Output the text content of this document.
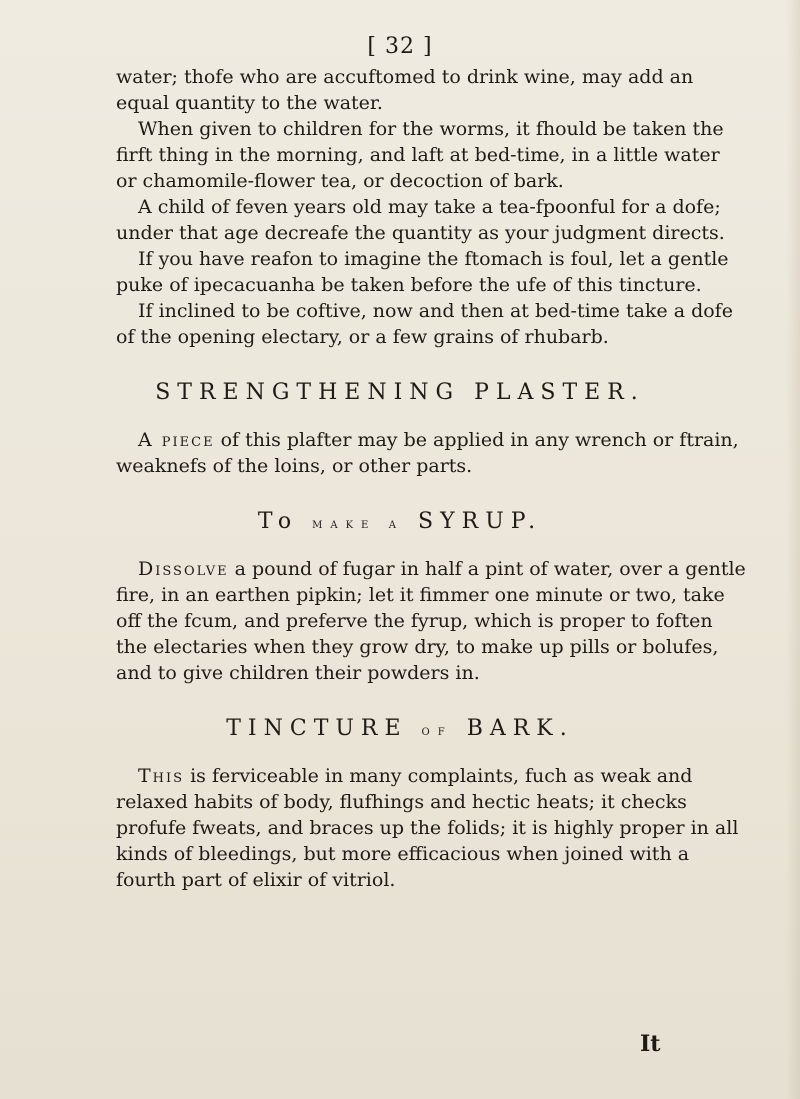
[ 32 ]

water; thofe who are accuftomed to drink wine, may add an

equal quantity to the water.

When given to children for the worms, it fhould be taken the

firft thing in the morning, and laft at bed-time, in a little water

or chamomile-flower tea, or decoction of bark.

A child of feven years old may take a tea-fpoonful for a dofe;

under that age decreafe the quantity as your judgment directs.

If you have reafon to imagine the ftomach is foul, let a gentle

puke of ipecacuanha be taken before the ufe of this tincture.

If inclined to be coftive, now and then at bed-time take a dofe

of the opening electary, or a few grains of rhubarb.

STRENGTHENING PLASTER.

A piece of this plafter may be applied in any wrench or ftrain,

weaknefs of the loins, or other parts.

To make a SYRUP.

Dissolve a pound of fugar in half a pint of water, over a gentle

fire, in an earthen pipkin; let it fimmer one minute or two, take

off the fcum, and preferve the fyrup, which is proper to foften

the electaries when they grow dry, to make up pills or bolufes,

and to give children their powders in.

TINCTURE of BARK.

This is ferviceable in many complaints, fuch as weak and

relaxed habits of body, flufhings and hectic heats; it checks

profufe fweats, and braces up the folids; it is highly proper in all

kinds of bleedings, but more efficacious when joined with a

fourth part of elixir of vitriol.

It
